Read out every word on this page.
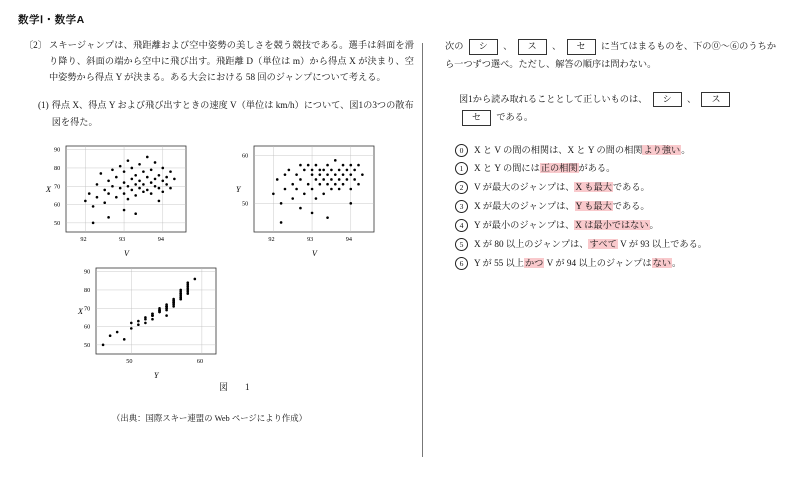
数学Ⅰ・数学A
〔2〕 スキージャンプは、飛距離および空中姿勢の美しさを競う競技である。選手は斜面を滑り降り、斜面の端から空中に飛び出す。飛距離 D（単位は m）から得点 X が決まり、空中姿勢から得点 Y が決まる。ある大会における 58 回のジャンプについて考える。
(1) 得点 X、得点 Y および飛び出すときの速度 V（単位は km/h）について、図1の3つの散布図を得た。
X
V
92	93	94
50
60
70
80
90
Y
V
92	93	94
50
60
X
Y
50	60
50
60
70
80
90
図　1
（出典：国際スキー連盟の Web ページにより作成）
次の シ 、 ス 、 セ に当てはまるものを、下の⓪～⑥のうちから一つずつ選べ。ただし、解答の順序は問わない。
図1から読み取れることとして正しいものは、 シ 、 ス
セ である。
0	X と V の間の相関は、X と Y の間の相関より強い。
1	X と Y の間には正の相関がある。
2	V が最大のジャンプは、X も最大である。
3	X が最大のジャンプは、Y も最大である。
4	Y が最小のジャンプは、X は最小ではない。
5	X が 80 以上のジャンプは、すべて V が 93 以上である。
6	Y が 55 以上かつ V が 94 以上のジャンプはない。
